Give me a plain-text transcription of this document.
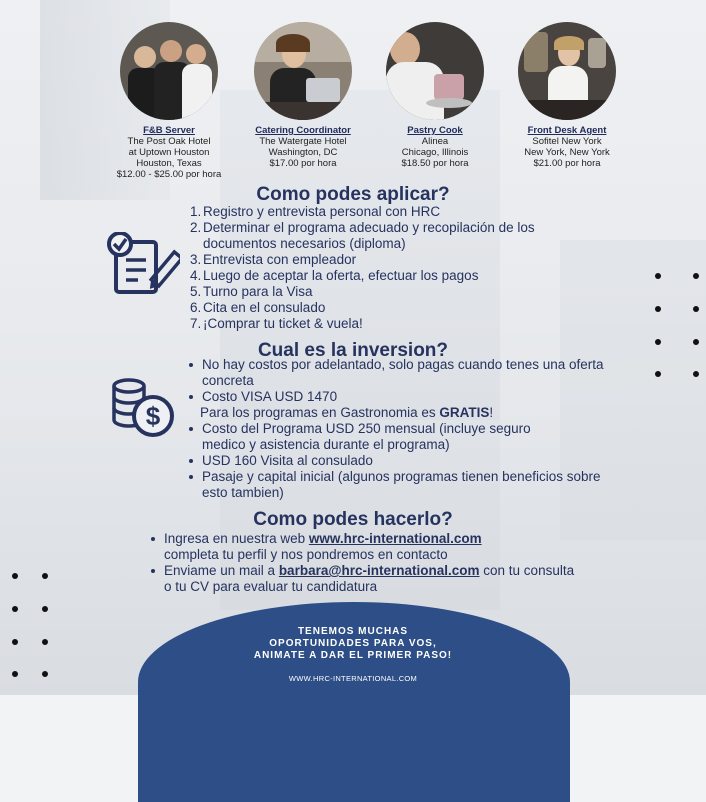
F&B Server
The Post Oak Hotel
at Uptown Houston
Houston, Texas
$12.00 - $25.00 por hora
Catering Coordinator
The Watergate Hotel
Washington, DC
$17.00 por hora
Pastry Cook
Alinea
Chicago, Illinois
$18.50 por hora
Front Desk Agent
Sofitel New York
New York, New York
$21.00 por hora
Como podes aplicar?
1. Registro y entrevista personal con HRC
2. Determinar el programa adecuado y recopilación de los documentos necesarios (diploma)
3. Entrevista con empleador
4. Luego de aceptar la oferta, efectuar los pagos
5. Turno para la Visa
6. Cita en el consulado
7. ¡Comprar tu ticket & vuela!
Cual es la inversion?
$
No hay costos por adelantado, solo pagas cuando tenes una oferta concreta
Costo VISA USD 1470
Para los programas en Gastronomia es GRATIS!
Costo del Programa USD 250 mensual (incluye seguro medico y asistencia durante el programa)
USD 160 Visita al consulado
Pasaje y capital inicial (algunos programas tienen beneficios sobre esto tambien)
Como podes hacerlo?
Ingresa en nuestra web www.hrc-international.com
completa tu perfil y nos pondremos en contacto
Enviame un mail a barbara@hrc-international.com con tu consulta o tu CV para evaluar tu candidatura
TENEMOS MUCHAS
OPORTUNIDADES PARA VOS,
ANIMATE A DAR EL PRIMER PASO!
WWW.HRC-INTERNATIONAL.COM
